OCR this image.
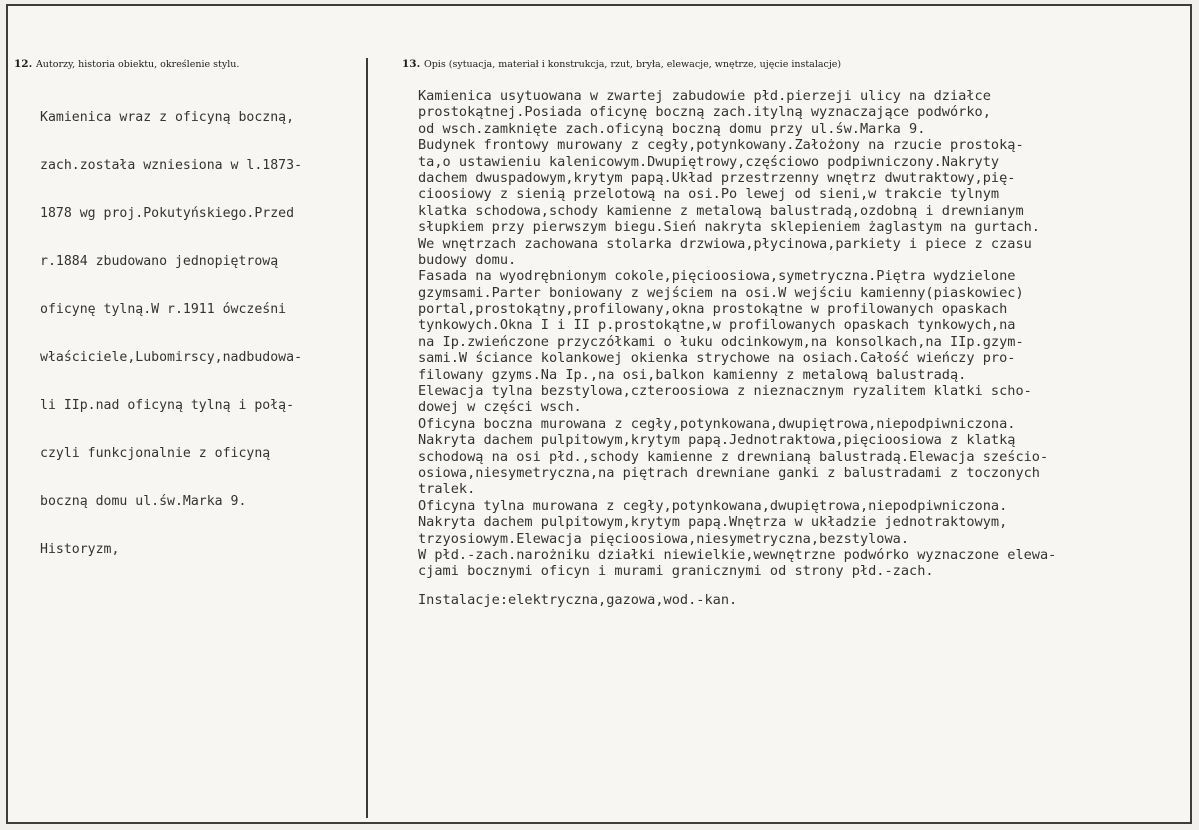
12. Autorzy, historia obiektu, określenie stylu.	13. Opis (sytuacja, materiał i konstrukcja, rzut, bryła, elewacje, wnętrze, ujęcie instalacje)

Kamienica wraz z oficyną boczną,

zach.została wzniesiona w l.1873-

1878 wg proj.Pokutyńskiego.Przed

r.1884 zbudowano jednopiętrową

oficynę tylną.W r.1911 ówcześni

właściciele,Lubomirscy,nadbudowa-

li IIp.nad oficyną tylną i połą-

czyli funkcjonalnie z oficyną

boczną domu ul.św.Marka 9.

Historyzm,

Kamienica usytuowana w zwartej zabudowie płd.pierzeji ulicy na działce
prostokątnej.Posiada oficynę boczną zach.itylną wyznaczające podwórko,
od wsch.zamknięte zach.oficyną boczną domu przy ul.św.Marka 9.
Budynek frontowy murowany z cegły,potynkowany.Założony na rzucie prostoką-
ta,o ustawieniu kalenicowym.Dwupiętrowy,częściowo podpiwniczony.Nakryty
dachem dwuspadowym,krytym papą.Układ przestrzenny wnętrz dwutraktowy,pię-
cioosiowy z sienią przelotową na osi.Po lewej od sieni,w trakcie tylnym
klatka schodowa,schody kamienne z metalową balustradą,ozdobną i drewnianym
słupkiem przy pierwszym biegu.Sień nakryta sklepieniem żaglastym na gurtach.
We wnętrzach zachowana stolarka drzwiowa,płycinowa,parkiety i piece z czasu
budowy domu.
Fasada na wyodrębnionym cokole,pięcioosiowa,symetryczna.Piętra wydzielone
gzymsami.Parter boniowany z wejściem na osi.W wejściu kamienny(piaskowiec)
portal,prostokątny,profilowany,okna prostokątne w profilowanych opaskach
tynkowych.Okna I i II p.prostokątne,w profilowanych opaskach tynkowych,na
na Ip.zwieńczone przyczółkami o łuku odcinkowym,na konsolkach,na IIp.gzym-
sami.W ściance kolankowej okienka strychowe na osiach.Całość wieńczy pro-
filowany gzyms.Na Ip.,na osi,balkon kamienny z metalową balustradą.
Elewacja tylna bezstylowa,czteroosiowa z nieznacznym ryzalitem klatki scho-
dowej w części wsch.
Oficyna boczna murowana z cegły,potynkowana,dwupiętrowa,niepodpiwniczona.
Nakryta dachem pulpitowym,krytym papą.Jednotraktowa,pięcioosiowa z klatką
schodową na osi płd.,schody kamienne z drewnianą balustradą.Elewacja sześcio-
osiowa,niesymetryczna,na piętrach drewniane ganki z balustradami z toczonych
tralek.
Oficyna tylna murowana z cegły,potynkowana,dwupiętrowa,niepodpiwniczona.
Nakryta dachem pulpitowym,krytym papą.Wnętrza w układzie jednotraktowym,
trzyosiowym.Elewacja pięcioosiowa,niesymetryczna,bezstylowa.
W płd.-zach.narożniku działki niewielkie,wewnętrzne podwórko wyznaczone elewa-
cjami bocznymi oficyn i murami granicznymi od strony płd.-zach.
Instalacje:elektryczna,gazowa,wod.-kan.
